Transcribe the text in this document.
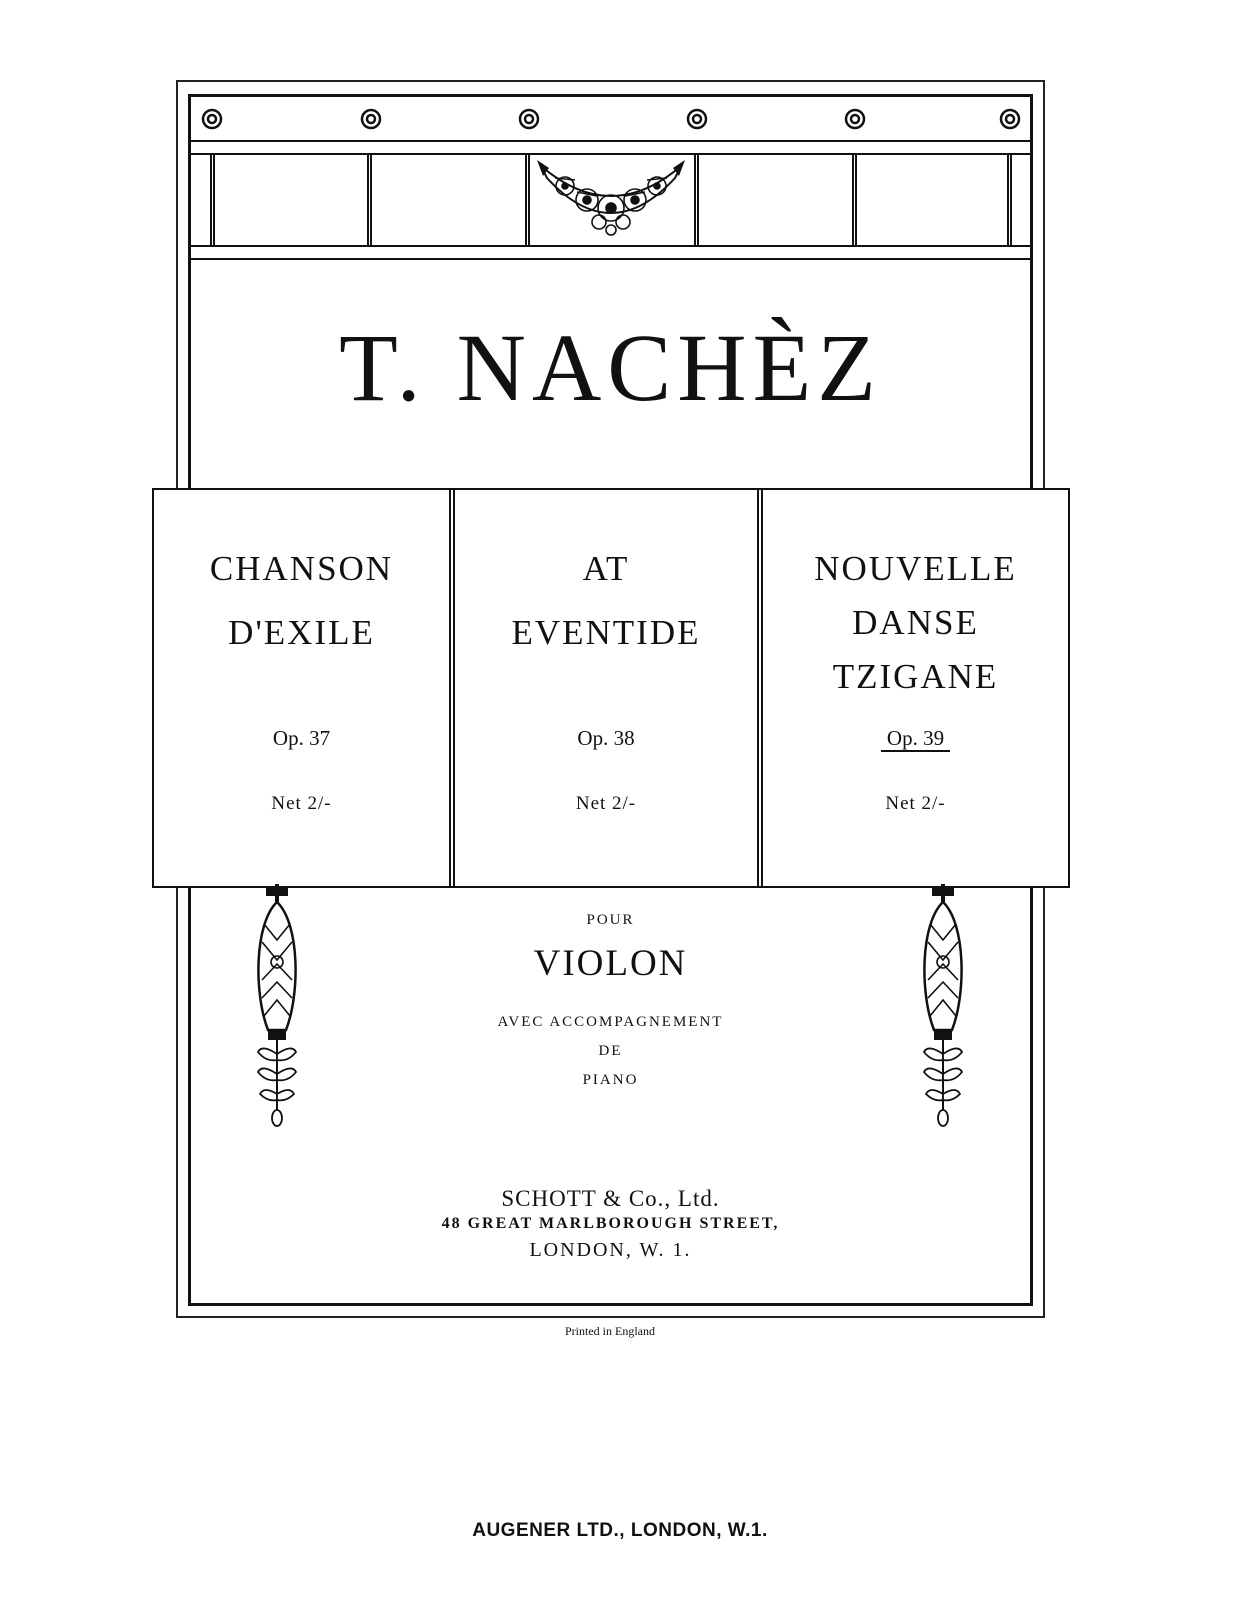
T. NACHÈZ
CHANSON
D'EXILE
Op. 37
Net 2/-
AT
EVENTIDE
Op. 38
Net 2/-
NOUVELLE
DANSE
TZIGANE
Op. 39
Net 2/-
POUR
VIOLON
AVEC ACCOMPAGNEMENT
DE
PIANO
SCHOTT & Co., Ltd.
48 GREAT MARLBOROUGH STREET,
LONDON, W. 1.
Printed in England
AUGENER LTD., LONDON, W.1.
